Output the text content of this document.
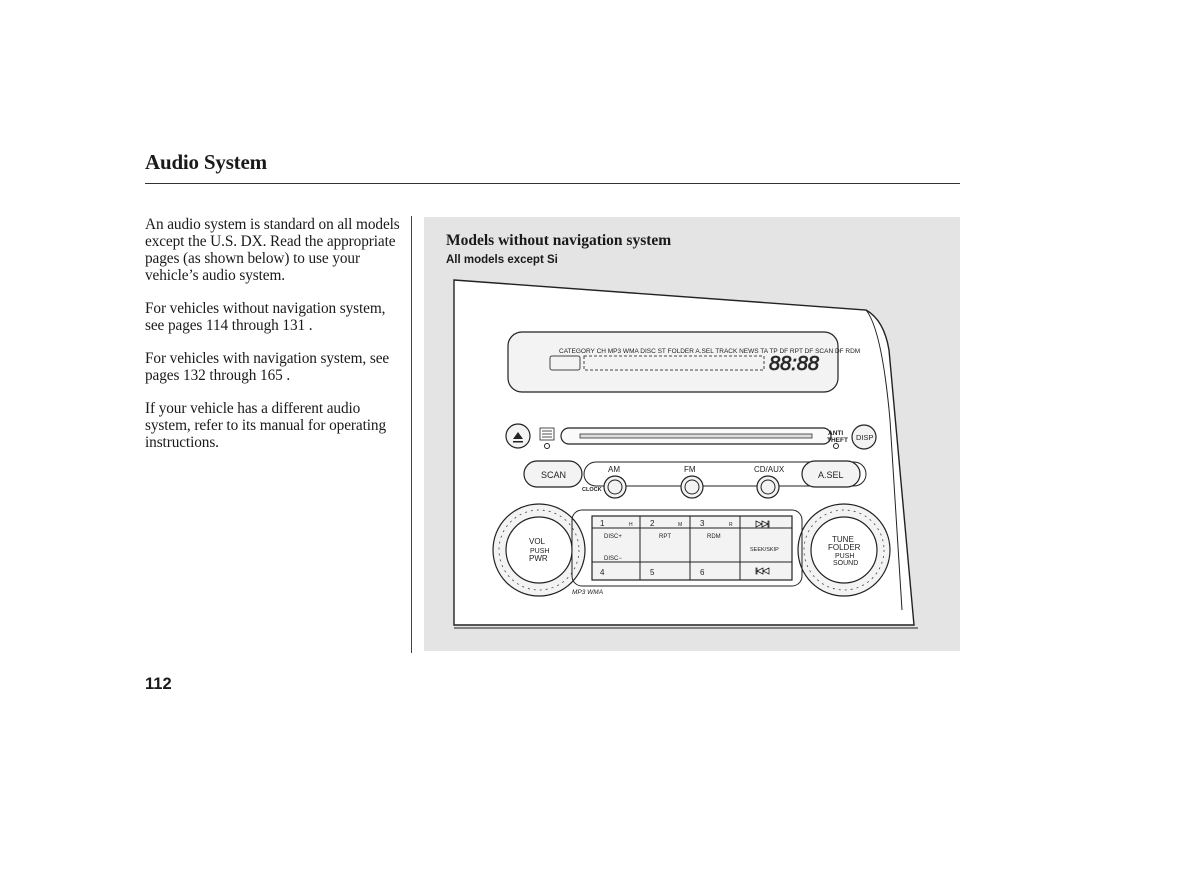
Audio System

An audio system is standard on all models except the U.S. DX. Read the appropriate pages (as shown below) to use your vehicle’s audio system.

For vehicles without navigation system, see pages 114 through 131 .

For vehicles with navigation system, see pages 132 through 165 .

If your vehicle has a different audio system, refer to its manual for operating instructions.

Models without navigation system
All models except Si
CATEGORY CH MP3 WMA DISC ST FOLDER A.SEL TRACK NEWS TA TP DF RPT DF SCAN DF RDM
88:88
ANTI
THEFT DISP
SCAN
CLOCK
AM	FM	CD/AUX
A.SEL
VOL
PUSH
PWR
TUNE
FOLDER
PUSH
SOUND
1	H 2	M 3	R
DISC+	RPT	RDM
SEEK/SKIP
DISC−
4	5	6
MP3 WMA
112
